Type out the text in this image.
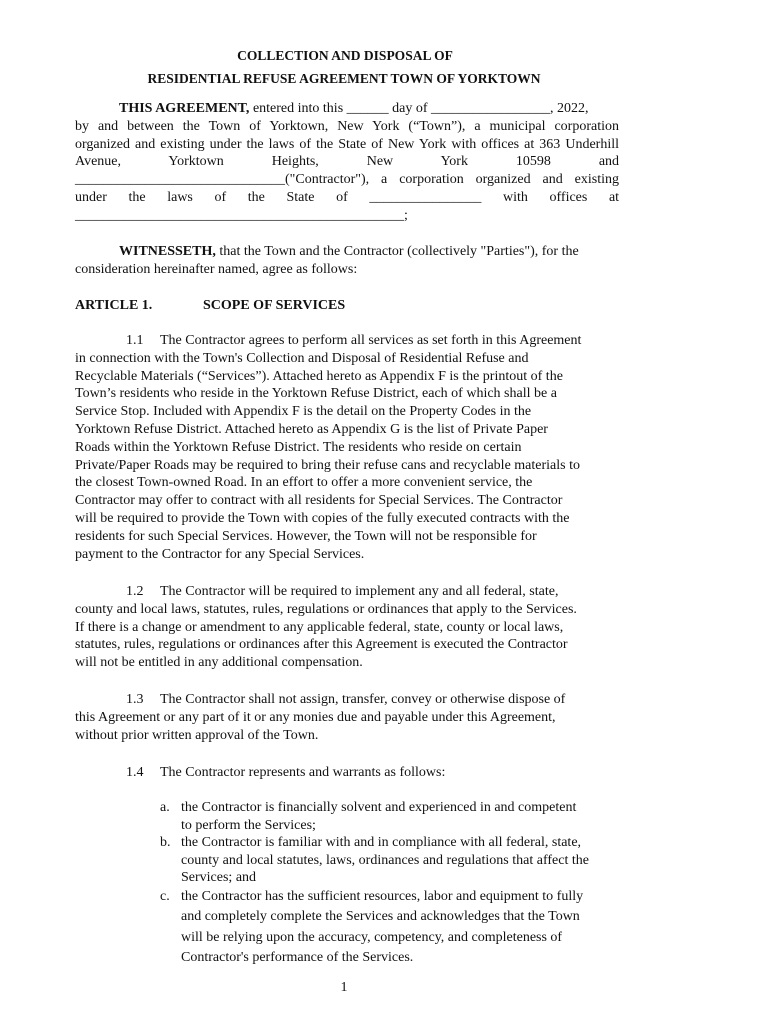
COLLECTION AND DISPOSAL OF
RESIDENTIAL REFUSE AGREEMENT TOWN OF YORKTOWN
THIS AGREEMENT, entered into this ______ day of _________________, 2022,
by and between the Town of Yorktown, New York (“Town”), a municipal corporation
organized and existing under the laws of the State of New York with offices at 363 Underhill
Avenue,	Yorktown	Heights,	New	York	10598	and
______________________________("Contractor"), a corporation organized and existing
under the laws of the State of ________________ with offices at
_______________________________________________;
WITNESSETH, that the Town and the Contractor (collectively "Parties"), for the
consideration hereinafter named, agree as follows:
ARTICLE 1.	SCOPE OF SERVICES
1.1 The Contractor agrees to perform all services as set forth in this Agreement
in connection with the Town's Collection and Disposal of Residential Refuse and
Recyclable Materials (“Services”). Attached hereto as Appendix F is the printout of the
Town’s residents who reside in the Yorktown Refuse District, each of which shall be a
Service Stop. Included with Appendix F is the detail on the Property Codes in the
Yorktown Refuse District. Attached hereto as Appendix G is the list of Private Paper
Roads within the Yorktown Refuse District. The residents who reside on certain
Private/Paper Roads may be required to bring their refuse cans and recyclable materials to
the closest Town-owned Road. In an effort to offer a more convenient service, the
Contractor may offer to contract with all residents for Special Services. The Contractor
will be required to provide the Town with copies of the fully executed contracts with the
residents for such Special Services. However, the Town will not be responsible for
payment to the Contractor for any Special Services.
1.2 The Contractor will be required to implement any and all federal, state,
county and local laws, statutes, rules, regulations or ordinances that apply to the Services.
If there is a change or amendment to any applicable federal, state, county or local laws,
statutes, rules, regulations or ordinances after this Agreement is executed the Contractor
will not be entitled in any additional compensation.
1.3 The Contractor shall not assign, transfer, convey or otherwise dispose of
this Agreement or any part of it or any monies due and payable under this Agreement,
without prior written approval of the Town.
1.4 The Contractor represents and warrants as follows:
a. the Contractor is financially solvent and experienced in and competent
to perform the Services;
b. the Contractor is familiar with and in compliance with all federal, state,
county and local statutes, laws, ordinances and regulations that affect the
Services; and
c. the Contractor has the sufficient resources, labor and equipment to fully
and completely complete the Services and acknowledges that the Town
will be relying upon the accuracy, competency, and completeness of
Contractor's performance of the Services.
1
